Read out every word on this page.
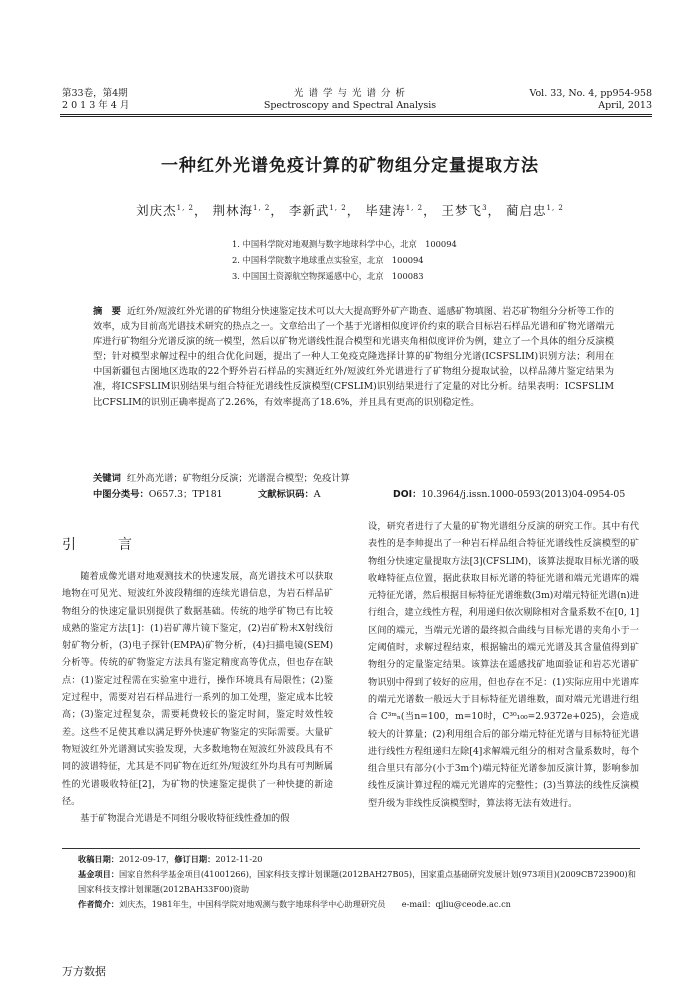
第33卷，第4期
2 0 1 3 年 4 月
光 谱 学 与 光 谱 分 析
Spectroscopy and Spectral Analysis
Vol. 33, No. 4, pp954-958
April, 2013
一种红外光谱免疫计算的矿物组分定量提取方法
刘庆杰$^{1, 2}$， 荆林海$^{1, 2}$， 李新武$^{1, 2}$， 毕建涛$^{1, 2}$， 王梦飞$^3$， 蔺启忠$^{1, 2}$
1. 中国科学院对地观测与数字地球科学中心，北京　100094
2. 中国科学院数字地球重点实验室，北京　100094
3. 中国国土资源航空物探遥感中心，北京　100083
摘　要 近红外/短波红外光谱的矿物组分快速鉴定技术可以大大提高野外矿产勘查、遥感矿物填图、岩芯矿物组分分析等工作的效率，成为目前高光谱技术研究的热点之一。文章给出了一个基于光谱相似度评价约束的联合目标岩石样品光谱和矿物光谱端元库进行矿物组分光谱反演的统一模型，然后以矿物光谱线性混合模型和光谱夹角相似度评价为例，建立了一个具体的组分反演模型；针对模型求解过程中的组合优化问题，提出了一种人工免疫克隆选择计算的矿物组分光谱(ICSFSLIM)识别方法；利用在中国新疆包古图地区选取的22个野外岩石样品的实测近红外/短波红外光谱进行了矿物组分提取试验，以样品薄片鉴定结果为准，将ICSFSLIM识别结果与组合特征光谱线性反演模型(CFSLIM)识别结果进行了定量的对比分析。结果表明：ICSFSLIM比CFSLIM的识别正确率提高了2.26%，有效率提高了18.6%，并且具有更高的识别稳定性。
关键词 红外高光谱；矿物组分反演；光谱混合模型；免疫计算
中图分类号：O657.3；TP181	文献标识码：A	DOI：10.3964/j.issn.1000-0593(2013)04-0954-05
引　言

随着成像光谱对地观测技术的快速发展，高光谱技术可以获取地物在可见光、短波红外波段精细的连续光谱信息，为岩石样品矿物组分的快速定量识别提供了数据基础。传统的地学矿物已有比较成熟的鉴定方法[1]：(1)岩矿薄片镜下鉴定，(2)岩矿粉末X射线衍射矿物分析，(3)电子探针(EMPA)矿物分析，(4)扫描电镜(SEM)分析等。传统的矿物鉴定方法具有鉴定精度高等优点，但也存在缺点：(1)鉴定过程需在实验室中进行，操作环境具有局限性；(2)鉴定过程中，需要对岩石样品进行一系列的加工处理，鉴定成本比较高；(3)鉴定过程复杂，需要耗费较长的鉴定时间，鉴定时效性较差。这些不足使其难以满足野外快速矿物鉴定的实际需要。大量矿物短波红外光谱测试实验发现，大多数地物在短波红外波段具有不同的波谱特征，尤其是不同矿物在近红外/短波红外均具有可判断属性的光谱吸收特征[2]，为矿物的快速鉴定提供了一种快捷的新途径。

基于矿物混合光谱是不同组分吸收特征线性叠加的假

设，研究者进行了大量的矿物光谱组分反演的研究工作。其中有代表性的是李帅提出了一种岩石样品组合特征光谱线性反演模型的矿物组分快速定量提取方法[3](CFSLIM)，该算法提取目标光谱的吸收峰特征点位置，据此获取目标光谱的特征光谱和端元光谱库的端元特征光谱，然后根据目标特征光谱维数(3m)对端元特征光谱(n)进行组合，建立线性方程，利用递归依次剔除相对含量系数不在[0, 1]区间的端元，当端元光谱的最终拟合曲线与目标光谱的夹角小于一定阈值时，求解过程结束，根据输出的端元光谱及其含量值得到矿物组分的定量鉴定结果。该算法在遥感找矿地面验证和岩芯光谱矿物识别中得到了较好的应用，但也存在不足：(1)实际应用中光谱库的端元光谱数一般远大于目标特征光谱维数，面对端元光谱进行组合 C³ᵐₙ(当n=100，m=10时，C³⁰₁₀₀=2.9372e+025)，会造成较大的计算量；(2)利用组合后的部分端元特征光谱与目标特征光谱进行线性方程组递归左除[4]求解端元组分的相对含量系数时，每个组合里只有部分(小于3m个)端元特征光谱参加反演计算，影响参加线性反演计算过程的端元光谱库的完整性；(3)当算法的线性反演模型升级为非线性反演模型时，算法将无法有效进行。

收稿日期：2012-09-17，修订日期：2012-11-20
基金项目：国家自然科学基金项目(41001266)，国家科技支撑计划课题(2012BAH27B05)，国家重点基础研究发展计划(973项目)(2009CB723900)和国家科技支撑计划课题(2012BAH33F00)资助
作者简介：刘庆杰，1981年生，中国科学院对地观测与数字地球科学中心助理研究员　　e-mail：qjliu@ceode.ac.cn
万方数据
